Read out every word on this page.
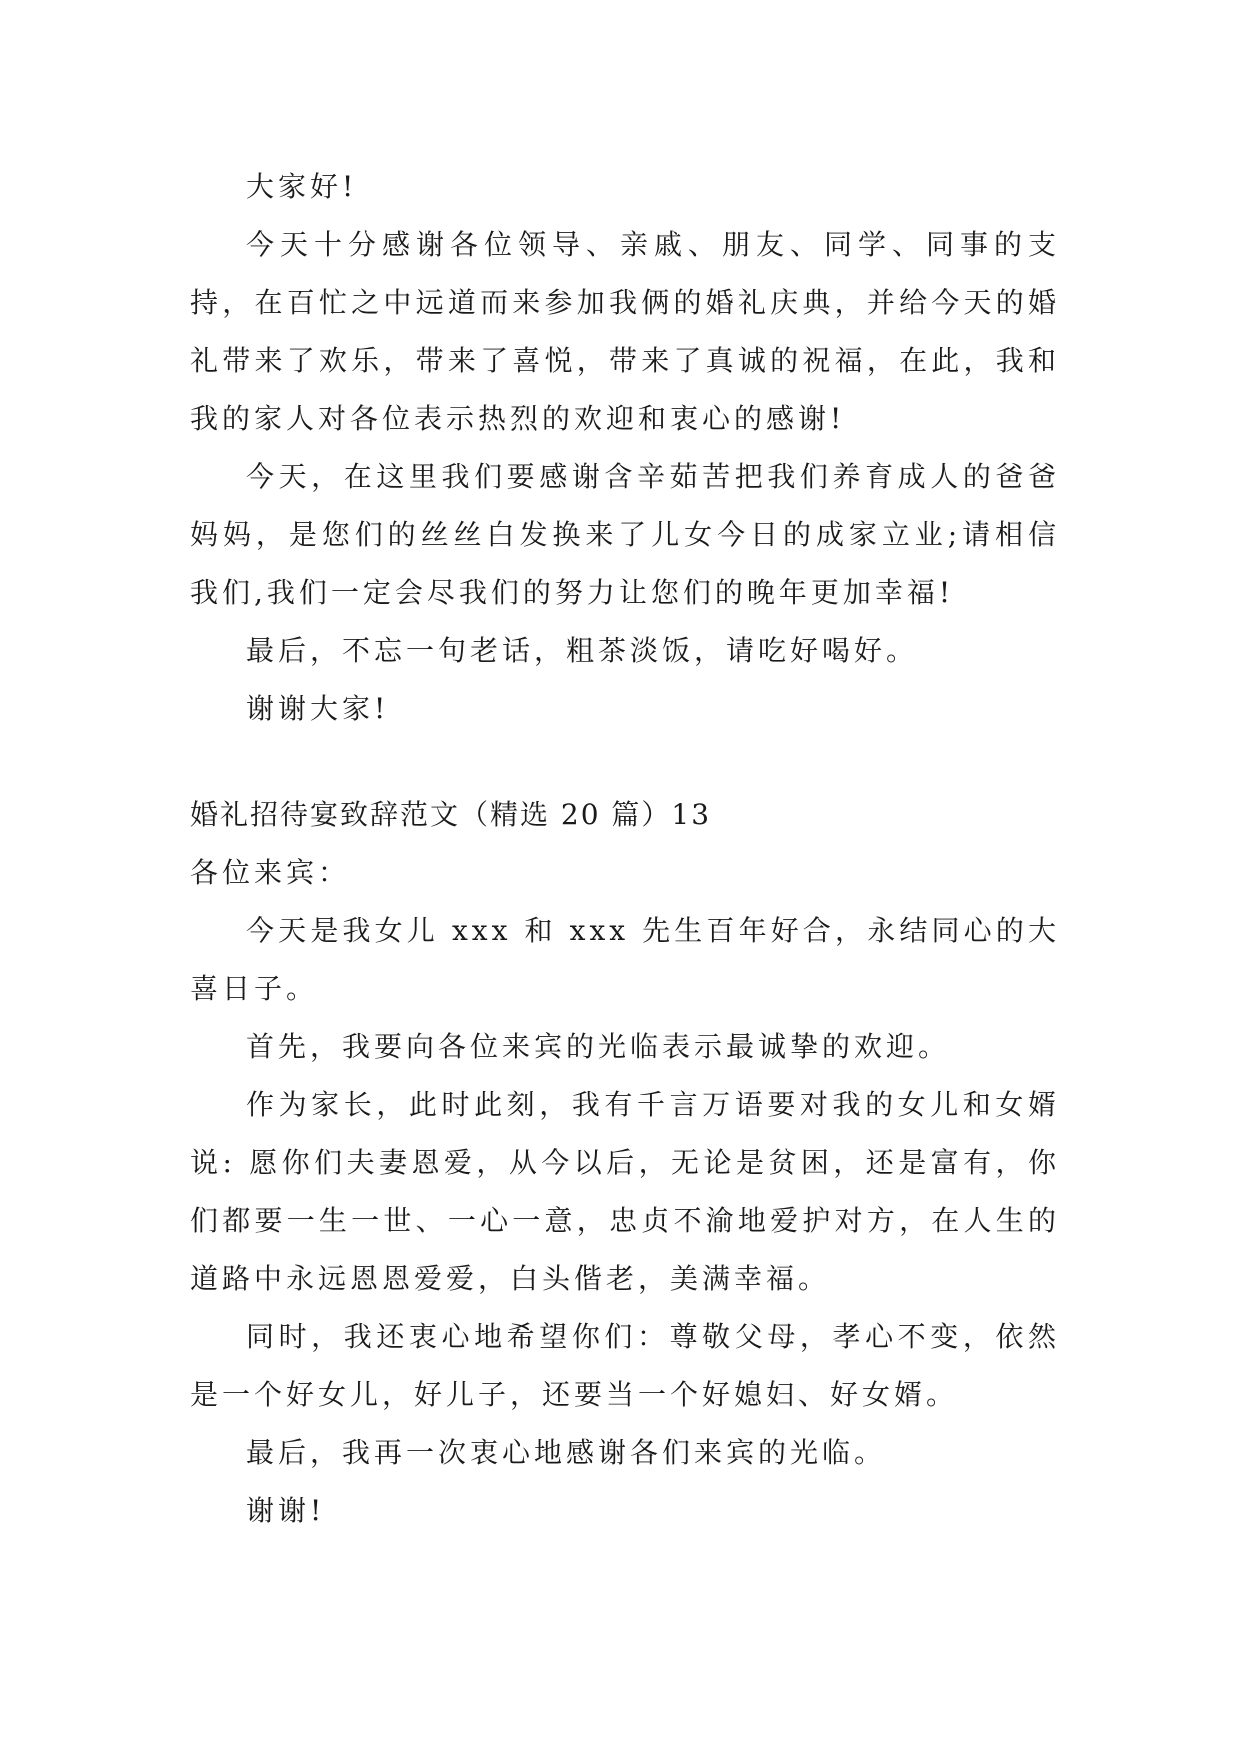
大家好!

今天十分感谢各位领导、亲戚、朋友、同学、同事的支持，在百忙之中远道而来参加我俩的婚礼庆典，并给今天的婚礼带来了欢乐，带来了喜悦，带来了真诚的祝福，在此，我和我的家人对各位表示热烈的欢迎和衷心的感谢!

今天，在这里我们要感谢含辛茹苦把我们养育成人的爸爸妈妈，是您们的丝丝白发换来了儿女今日的成家立业;请相信我们,我们一定会尽我们的努力让您们的晚年更加幸福!

最后，不忘一句老话，粗茶淡饭，请吃好喝好。

谢谢大家!

婚礼招待宴致辞范文（精选 20 篇）13

各位来宾：

今天是我女儿 xxx 和 xxx 先生百年好合，永结同心的大喜日子。

首先，我要向各位来宾的光临表示最诚挚的欢迎。

作为家长，此时此刻，我有千言万语要对我的女儿和女婿说: 愿你们夫妻恩爱，从今以后，无论是贫困，还是富有，你们都要一生一世、一心一意，忠贞不渝地爱护对方，在人生的道路中永远恩恩爱爱，白头偕老，美满幸福。

同时，我还衷心地希望你们：尊敬父母，孝心不变，依然是一个好女儿，好儿子，还要当一个好媳妇、好女婿。

最后，我再一次衷心地感谢各们来宾的光临。

谢谢!
